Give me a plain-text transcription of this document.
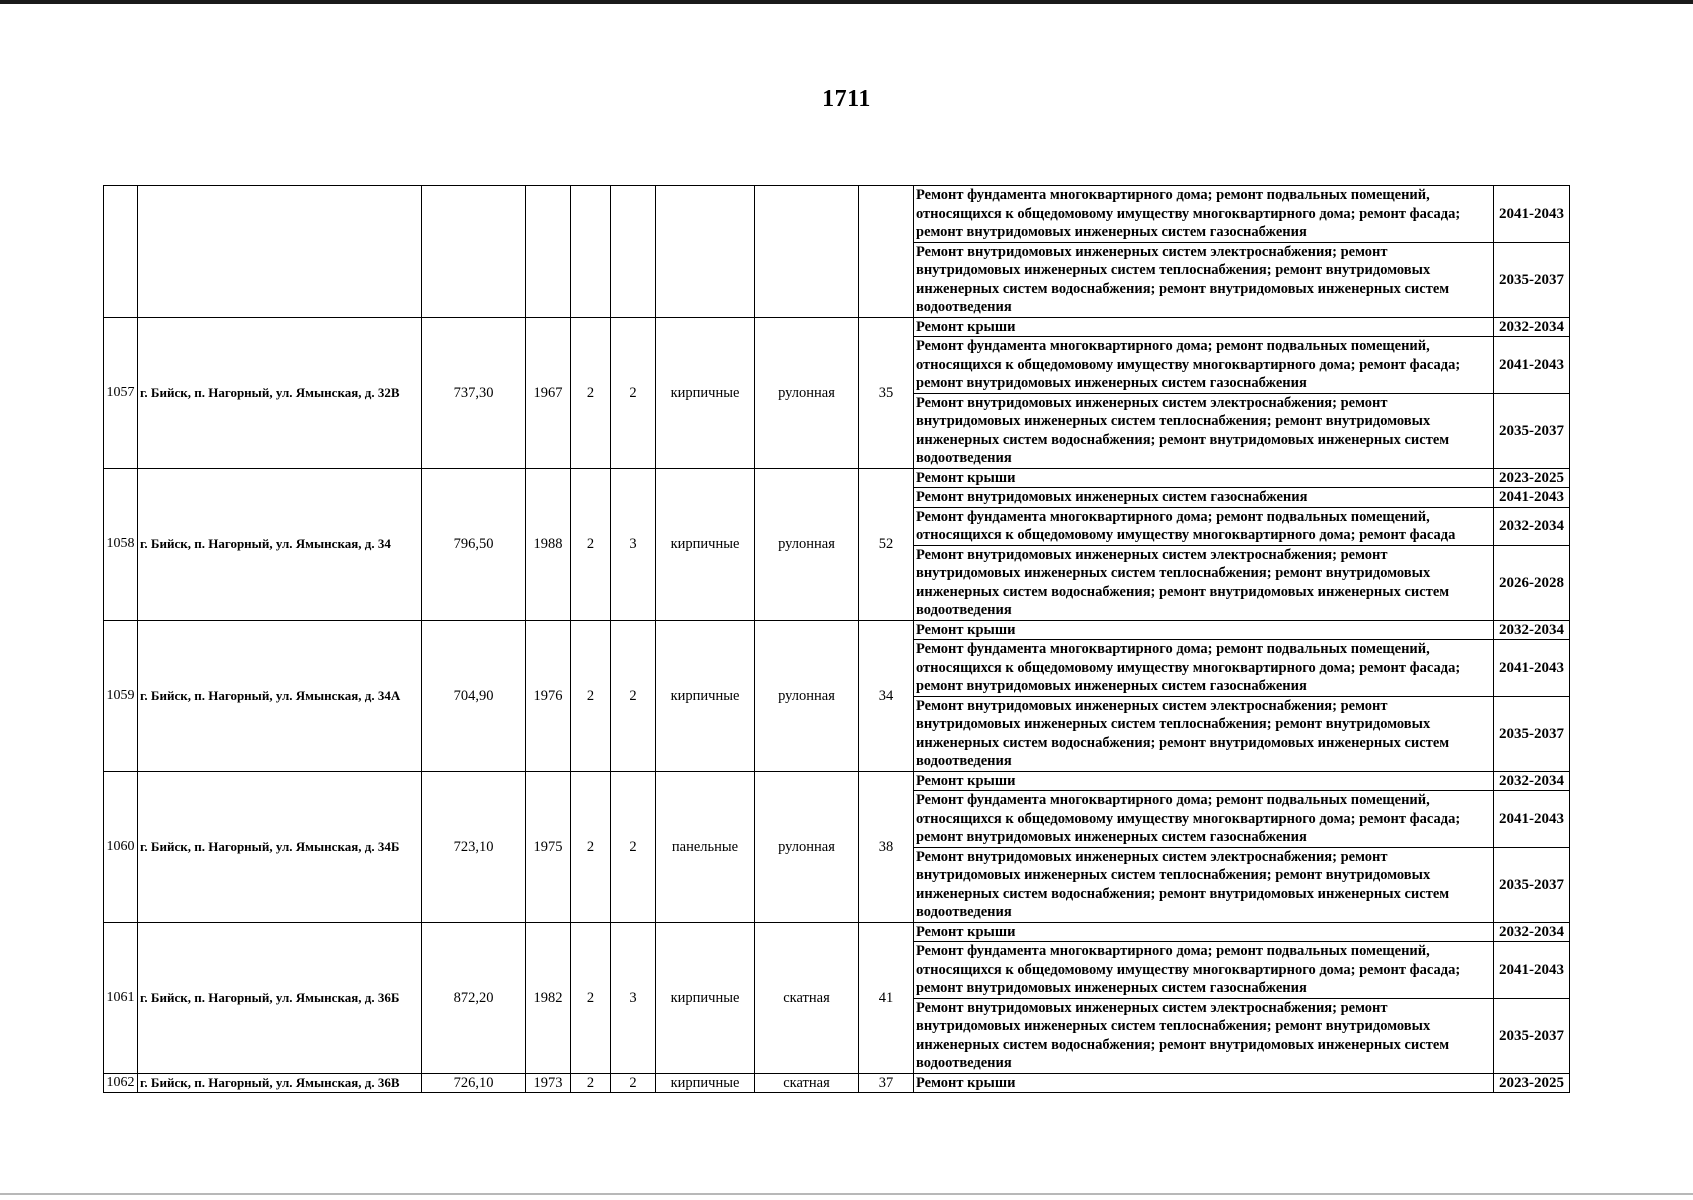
1711
									Ремонт фундамента многоквартирного дома; ремонт подвальных помещений, относящихся к общедомовому имуществу многоквартирного дома; ремонт фасада; ремонт внутридомовых инженерных систем газоснабжения	2041-2043
									Ремонт внутридомовых инженерных систем электроснабжения; ремонт внутридомовых инженерных систем теплоснабжения; ремонт внутридомовых инженерных систем водоснабжения; ремонт внутридомовых инженерных систем водоотведения	2035-2037
1057	г. Бийск, п. Нагорный, ул. Ямынская, д. 32В	737,30	1967	2	2	кирпичные	рулонная	35	Ремонт крыши	2032-2034
									Ремонт фундамента многоквартирного дома; ремонт подвальных помещений, относящихся к общедомовому имуществу многоквартирного дома; ремонт фасада; ремонт внутридомовых инженерных систем газоснабжения	2041-2043
									Ремонт внутридомовых инженерных систем электроснабжения; ремонт внутридомовых инженерных систем теплоснабжения; ремонт внутридомовых инженерных систем водоснабжения; ремонт внутридомовых инженерных систем водоотведения	2035-2037
1058	г. Бийск, п. Нагорный, ул. Ямынская, д. 34	796,50	1988	2	3	кирпичные	рулонная	52	Ремонт крыши	2023-2025
									Ремонт внутридомовых инженерных систем газоснабжения	2041-2043
									Ремонт фундамента многоквартирного дома; ремонт подвальных помещений, относящихся к общедомовому имуществу многоквартирного дома; ремонт фасада	2032-2034
									Ремонт внутридомовых инженерных систем электроснабжения; ремонт внутридомовых инженерных систем теплоснабжения; ремонт внутридомовых инженерных систем водоснабжения; ремонт внутридомовых инженерных систем водоотведения	2026-2028
1059	г. Бийск, п. Нагорный, ул. Ямынская, д. 34А	704,90	1976	2	2	кирпичные	рулонная	34	Ремонт крыши	2032-2034
									Ремонт фундамента многоквартирного дома; ремонт подвальных помещений, относящихся к общедомовому имуществу многоквартирного дома; ремонт фасада; ремонт внутридомовых инженерных систем газоснабжения	2041-2043
									Ремонт внутридомовых инженерных систем электроснабжения; ремонт внутридомовых инженерных систем теплоснабжения; ремонт внутридомовых инженерных систем водоснабжения; ремонт внутридомовых инженерных систем водоотведения	2035-2037
1060	г. Бийск, п. Нагорный, ул. Ямынская, д. 34Б	723,10	1975	2	2	панельные	рулонная	38	Ремонт крыши	2032-2034
									Ремонт фундамента многоквартирного дома; ремонт подвальных помещений, относящихся к общедомовому имуществу многоквартирного дома; ремонт фасада; ремонт внутридомовых инженерных систем газоснабжения	2041-2043
									Ремонт внутридомовых инженерных систем электроснабжения; ремонт внутридомовых инженерных систем теплоснабжения; ремонт внутридомовых инженерных систем водоснабжения; ремонт внутридомовых инженерных систем водоотведения	2035-2037
1061	г. Бийск, п. Нагорный, ул. Ямынская, д. 36Б	872,20	1982	2	3	кирпичные	скатная	41	Ремонт крыши	2032-2034
									Ремонт фундамента многоквартирного дома; ремонт подвальных помещений, относящихся к общедомовому имуществу многоквартирного дома; ремонт фасада; ремонт внутридомовых инженерных систем газоснабжения	2041-2043
									Ремонт внутридомовых инженерных систем электроснабжения; ремонт внутридомовых инженерных систем теплоснабжения; ремонт внутридомовых инженерных систем водоснабжения; ремонт внутридомовых инженерных систем водоотведения	2035-2037
1062	г. Бийск, п. Нагорный, ул. Ямынская, д. 36В	726,10	1973	2	2	кирпичные	скатная	37	Ремонт крыши	2023-2025
